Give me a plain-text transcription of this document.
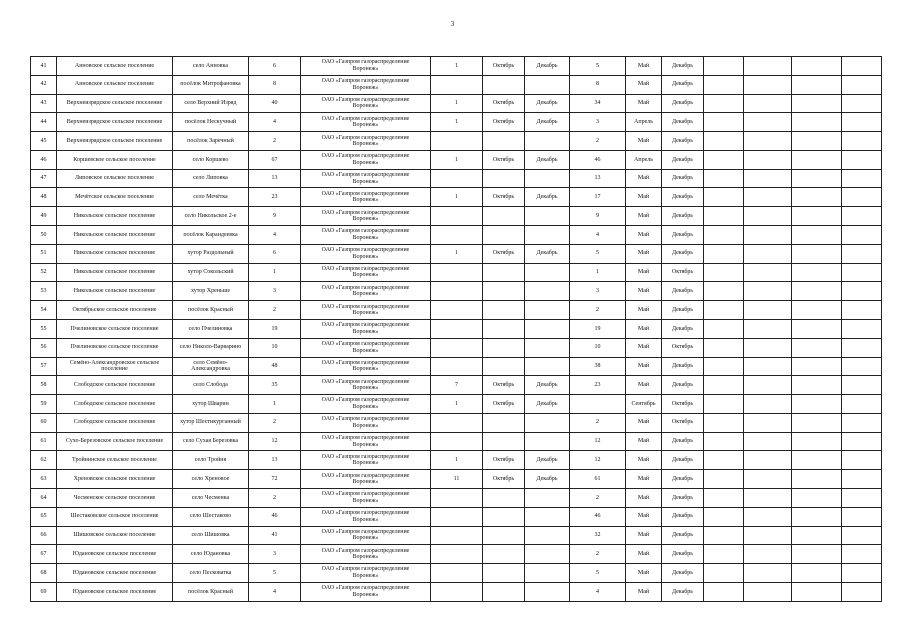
3
41	Анновское сельское поселение	село Анновка	6	ОАО «Газпром газораспределение
Воронеж»	1	Октябрь	Декабрь	5	Май	Декабрь				
42	Анновское сельское поселение	посёлок Митрофановка	8	ОАО «Газпром газораспределение
Воронеж»				8	Май	Декабрь				
43	Верхнеизрядское сельское поселение	село Верхний Изряд	40	ОАО «Газпром газораспределение
Воронеж»	1	Октябрь	Декабрь	34	Май	Декабрь				
44	Верхнеизрядское сельское поселение	посёлок Нескучный	4	ОАО «Газпром газораспределение
Воронеж»	1	Октябрь	Декабрь	3	Апрель	Декабрь				
45	Верхнеизрядское сельское поселение	посёлок Заречный	2	ОАО «Газпром газораспределение
Воронеж»				2	Май	Декабрь				
46	Коршевское сельское поселение	село Коршево	67	ОАО «Газпром газораспределение
Воронеж»	1	Октябрь	Декабрь	46	Апрель	Декабрь				
47	Липовское сельское поселение	село Липовка	13	ОАО «Газпром газораспределение
Воронеж»				13	Май	Декабрь				
48	Мечётское сельское поселение	село Мечётка	23	ОАО «Газпром газораспределение
Воронеж»	1	Октябрь	Декабрь	17	Май	Декабрь				
49	Никольское сельское поселение	село Никольское 2-е	9	ОАО «Газпром газораспределение
Воронеж»				9	Май	Декабрь				
50	Никольское сельское поселение	посёлок Карандеевка	4	ОАО «Газпром газораспределение
Воронеж»				4	Май	Декабрь				
51	Никольское сельское поселение	хутор Раздольный	6	ОАО «Газпром газораспределение
Воронеж»	1	Октябрь	Декабрь	5	Май	Декабрь				
52	Никольское сельское поселение	хутор Сокольский	1	ОАО «Газпром газораспределение
Воронеж»				1	Май	Октябрь				
53	Никольское сельское поселение	хутор Хреньше	3	ОАО «Газпром газораспределение
Воронеж»				3	Май	Декабрь				
54	Октябрьское сельское поселение	посёлок Красный	2	ОАО «Газпром газораспределение
Воронеж»				2	Май	Декабрь				
55	Пчелиновское сельское поселение	село Пчелиновка	19	ОАО «Газпром газораспределение
Воронеж»				19	Май	Декабрь				
56	Пчелиновское сельское поселение	село Николо-Варварино	10	ОАО «Газпром газораспределение
Воронеж»				10	Май	Октябрь				
57	Семёно-Александровское сельское поселение	село Семёно-Александровка	48	ОАО «Газпром газораспределение
Воронеж»				38	Май	Декабрь				
58	Слободское сельское поселение	село Слобода	35	ОАО «Газпром газораспределение
Воронеж»	7	Октябрь	Декабрь	23	Май	Декабрь				
59	Слободское сельское поселение	хутор Шварин	1	ОАО «Газпром газораспределение
Воронеж»	1	Октябрь	Декабрь		Сентябрь	Октябрь				
60	Слободское сельское поселение	хутор Шестикурганный	2	ОАО «Газпром газораспределение
Воронеж»				2	Май	Октябрь				
61	Сухо-Березовское сельское поселение	село Сухая Березовка	12	ОАО «Газпром газораспределение
Воронеж»				12	Май	Декабрь				
62	Тройнинское сельское поселение	село Тройня	13	ОАО «Газпром газораспределение
Воронеж»	1	Октябрь	Декабрь	12	Май	Декабрь				
63	Хреновское сельское поселение	село Хреновое	72	ОАО «Газпром газораспределение
Воронеж»	11	Октябрь	Декабрь	61	Май	Декабрь				
64	Чесменское сельское поселение	село Чесменка	2	ОАО «Газпром газораспределение
Воронеж»				2	Май	Декабрь				
65	Шестаковское сельское поселение	село Шестаково	46	ОАО «Газпром газораспределение
Воронеж»				46	Май	Декабрь				
66	Шишовское сельское поселение	село Шишовка	41	ОАО «Газпром газораспределение
Воронеж»				32	Май	Декабрь				
67	Юдановское сельское поселение	село Юдановка	3	ОАО «Газпром газораспределение
Воронеж»				2	Май	Декабрь				
68	Юдановское сельское поселение	село Песковатка	5	ОАО «Газпром газораспределение
Воронеж»				5	Май	Декабрь				
69	Юдановское сельское поселение	посёлок Красный	4	ОАО «Газпром газораспределение
Воронеж»				4	Май	Декабрь				
